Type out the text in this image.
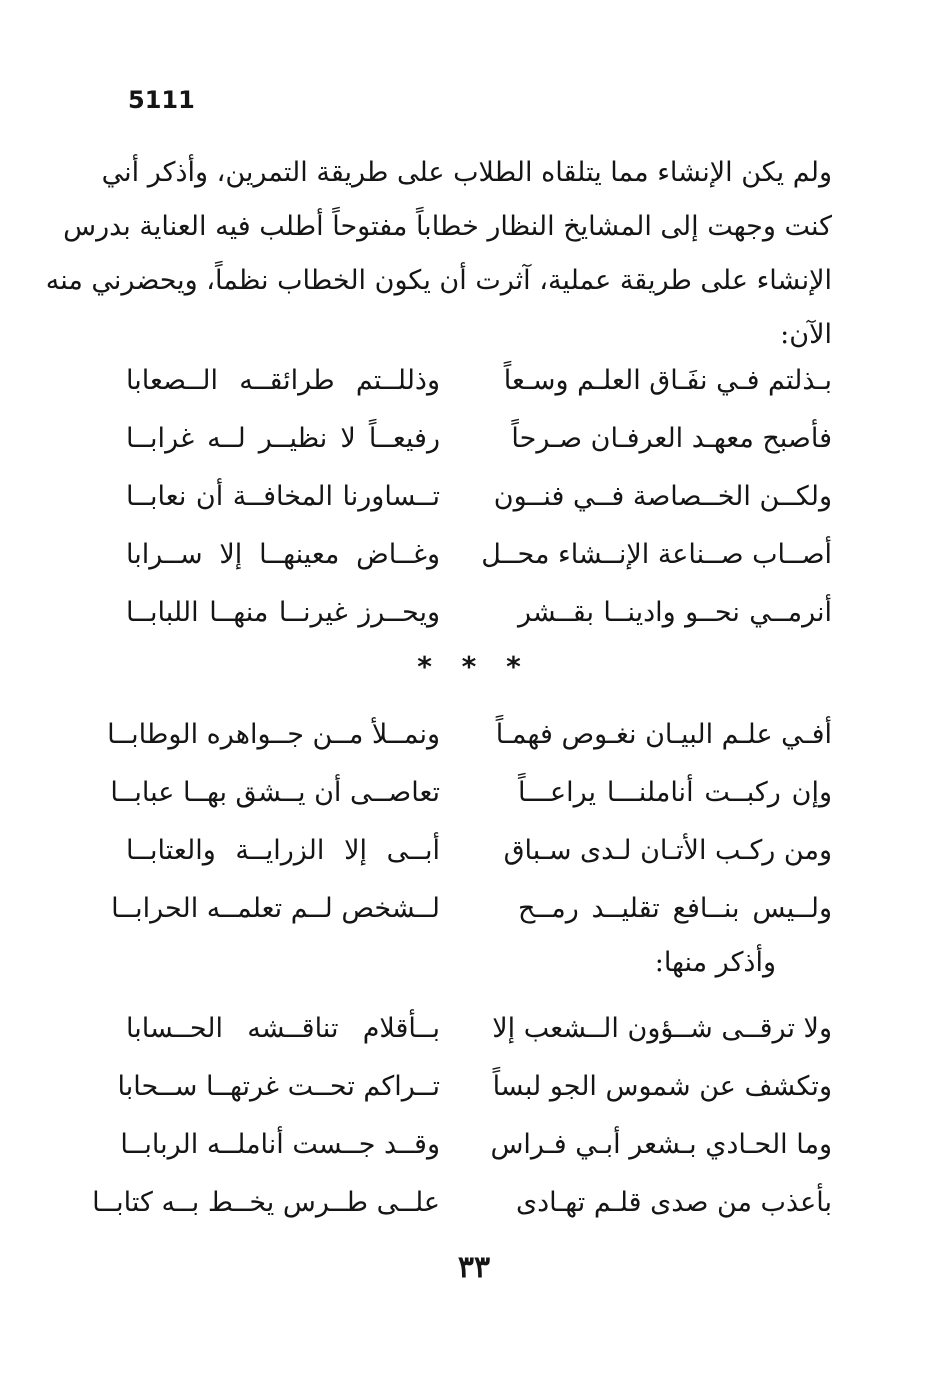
5111
ولم يكن الإنشاء مما يتلقاه الطلاب على طريقة التمرين، وأذكر أني
كنت وجهت إلى المشايخ النظار خطاباً مفتوحاً أطلب فيه العناية بدرس
الإنشاء على طريقة عملية، آثرت أن يكون الخطاب نظماً، ويحضرني منه
الآن:
بـذلتم فـي نفَـاق العلـم وسـعاً
وذللــتم طرائقــه الــصعابا
فأصبح معهـد العرفـان صـرحاً
رفيعــاً لا نظيــر لــه غرابــا
ولكــن الخــصاصة فــي فنــون
تــساورنا المخافــة أن نعابــا
أصــاب صــناعة الإنــشاء محــل
وغــاض معينهــا إلا ســرابا
أنرمــي نحــو وادينــا بقــشر
ويحــرز غيرنــا منهــا اللبابــا
* * *
أفـي علـم البيـان نغـوص فهمـاً
ونمــلأ مــن جــواهره الوطابــا
وإن ركبــت أناملنـــا يراعـــاً
تعاصــى أن يــشق بهــا عبابــا
ومن ركـب الأتـان لـدى سـباق
أبــى إلا الزرايــة والعتابــا
ولــيس بنــافع تقليــد رمــح
لــشخص لــم تعلمــه الحرابــا
وأذكر منها:
ولا ترقــى شــؤون الــشعب إلا
بــأقلام تناقــشه الحــسابا
وتكشف عن شموس الجو لبساً
تــراكم تحــت غرتهــا ســحابا
وما الحـادي بـشعر أبـي فـراس
وقــد جــست أناملــه الربابــا
بأعذب من صدى قلـم تهـادى
علــى طــرس يخــط بــه كتابــا
٣٣
